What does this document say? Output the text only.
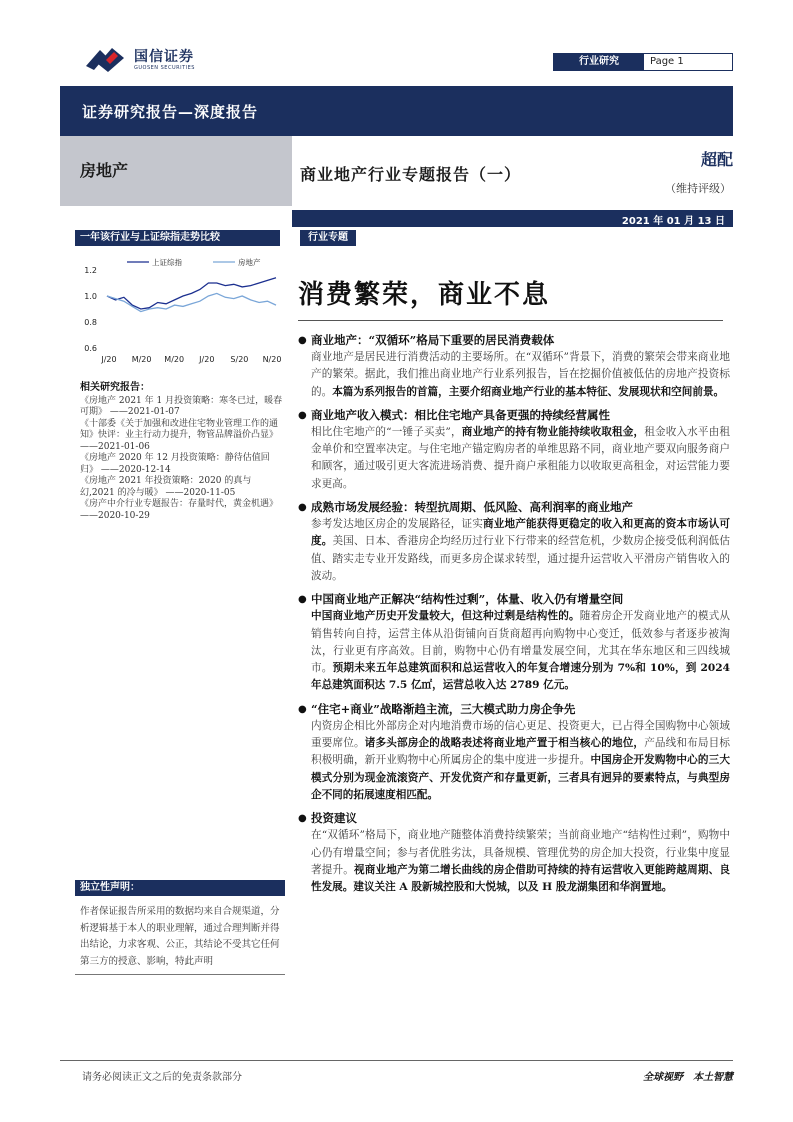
国信证券
GUOSEN SECURITIES
行业研究	Page 1
证券研究报告—深度报告
房地产	商业地产行业专题报告（一）
超配
（维持评级）
2021 年 01 月 13 日
一年该行业与上证综指走势比较	行业专题
上证综指	房地产
1.2
1.0
0.8
0.6
J/20 M/20 M/20 J/20 S/20 N/20
消费繁荣，商业不息
相关研究报告：
《房地产 2021 年 1 月投资策略：寒冬已过，暖春可期》 ——2021-01-07
《十部委《关于加强和改进住宅物业管理工作的通知》快评：业主行动力提升，物管品牌溢价凸显》 ——2021-01-06
《房地产 2020 年 12 月投资策略：静待估值回归》 ——2020-12-14
《房地产 2021 年投资策略：2020 的真与幻,2021 的冷与暖》 ——2020-11-05
《房产中介行业专题报告：存量时代，黄金机遇》 ——2020-10-29
独立性声明：
作者保证报告所采用的数据均来自合规渠道，分析逻辑基于本人的职业理解，通过合理判断并得出结论，力求客观、公正，其结论不受其它任何第三方的授意、影响，特此声明
● 商业地产：“双循环”格局下重要的居民消费载体
商业地产是居民进行消费活动的主要场所。在“双循环”背景下，消费的繁荣会带来商业地产的繁荣。据此，我们推出商业地产行业系列报告，旨在挖掘价值被低估的房地产投资标的。本篇为系列报告的首篇，主要介绍商业地产行业的基本特征、发展现状和空间前景。
● 商业地产收入模式：相比住宅地产具备更强的持续经营属性
相比住宅地产的“一锤子买卖”，商业地产的持有物业能持续收取租金，租金收入水平由租金单价和空置率决定。与住宅地产锚定购房者的单维思路不同，商业地产要双向服务商户和顾客，通过吸引更大客流进场消费、提升商户承租能力以收取更高租金，对运营能力要求更高。
● 成熟市场发展经验：转型抗周期、低风险、高利润率的商业地产
参考发达地区房企的发展路径，证实商业地产能获得更稳定的收入和更高的资本市场认可度。美国、日本、香港房企均经历过行业下行带来的经营危机，少数房企接受低利润低估值、踏实走专业开发路线，而更多房企谋求转型，通过提升运营收入平滑房产销售收入的波动。
● 中国商业地产正解决“结构性过剩”，体量、收入仍有增量空间
中国商业地产历史开发量较大，但这种过剩是结构性的。随着房企开发商业地产的模式从销售转向自持，运营主体从沿街铺向百货商超再向购物中心变迁，低效参与者逐步被淘汰，行业更有序高效。目前，购物中心仍有增量发展空间，尤其在华东地区和三四线城市。预期未来五年总建筑面积和总运营收入的年复合增速分别为 7%和 10%，到 2024 年总建筑面积达 7.5 亿㎡，运营总收入达 2789 亿元。
● “住宅+商业”战略渐趋主流，三大模式助力房企争先
内资房企相比外部房企对内地消费市场的信心更足、投资更大，已占得全国购物中心领域重要席位。诸多头部房企的战略表述将商业地产置于相当核心的地位，产品线和布局目标积极明确，新开业购物中心所属房企的集中度进一步提升。中国房企开发购物中心的三大模式分别为现金流滚资产、开发优资产和存量更新，三者具有迥异的要素特点，与典型房企不同的拓展速度相匹配。
● 投资建议
在“双循环”格局下，商业地产随整体消费持续繁荣；当前商业地产“结构性过剩”，购物中心仍有增量空间；参与者优胜劣汰，具备规模、管理优势的房企加大投资，行业集中度显著提升。视商业地产为第二增长曲线的房企借助可持续的持有运营收入更能跨越周期、良性发展。建议关注 A 股新城控股和大悦城，以及 H 股龙湖集团和华润置地。
请务必阅读正文之后的免责条款部分	全球视野　本土智慧
